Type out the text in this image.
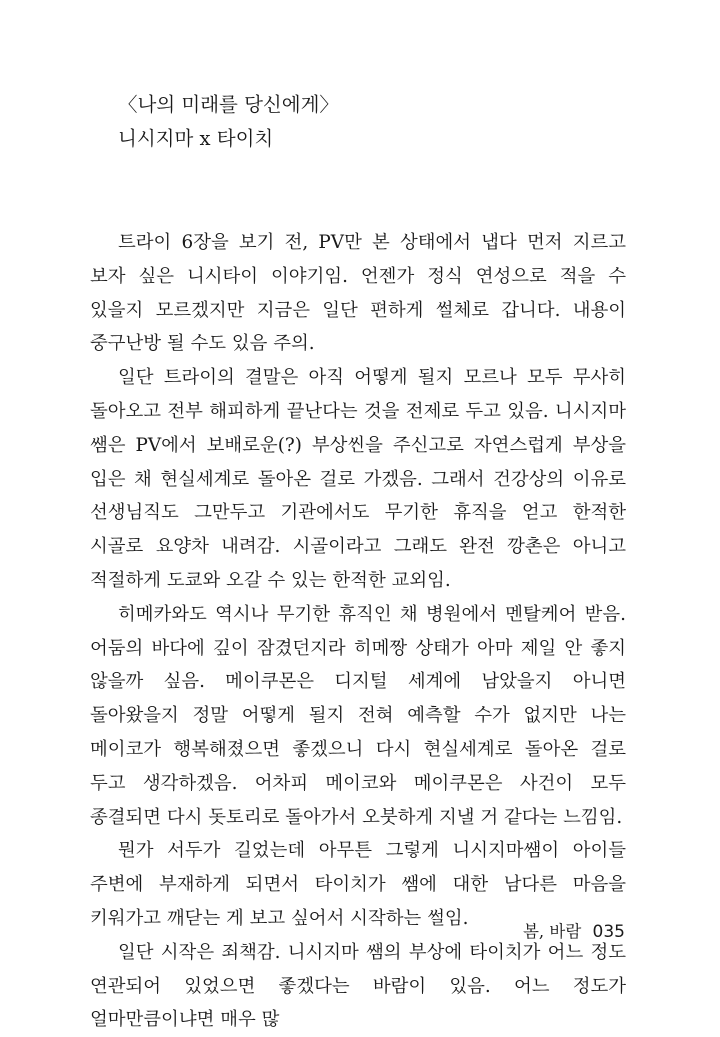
〈나의 미래를 당신에게〉
니시지마 x 타이치

트라이 6장을 보기 전, PV만 본 상태에서 냅다 먼저 지르고 보자 싶은 니시타이 이야기임. 언젠가 정식 연성으로 적을 수 있을지 모르겠지만 지금은 일단 편하게 썰체로 갑니다. 내용이 중구난방 될 수도 있음 주의.

일단 트라이의 결말은 아직 어떻게 될지 모르나 모두 무사히 돌아오고 전부 해피하게 끝난다는 것을 전제로 두고 있음. 니시지마 쌤은 PV에서 보배로운(?) 부상씬을 주신고로 자연스럽게 부상을 입은 채 현실세계로 돌아온 걸로 가겠음. 그래서 건강상의 이유로 선생님직도 그만두고 기관에서도 무기한 휴직을 얻고 한적한 시골로 요양차 내려감. 시골이라고 그래도 완전 깡촌은 아니고 적절하게 도쿄와 오갈 수 있는 한적한 교외임.

히메카와도 역시나 무기한 휴직인 채 병원에서 멘탈케어 받음. 어둠의 바다에 깊이 잠겼던지라 히메짱 상태가 아마 제일 안 좋지 않을까 싶음. 메이쿠몬은 디지털 세계에 남았을지 아니면 돌아왔을지 정말 어떻게 될지 전혀 예측할 수가 없지만 나는 메이코가 행복해졌으면 좋겠으니 다시 현실세계로 돌아온 걸로 두고 생각하겠음. 어차피 메이코와 메이쿠몬은 사건이 모두 종결되면 다시 돗토리로 돌아가서 오붓하게 지낼 거 같다는 느낌임.

뭔가 서두가 길었는데 아무튼 그렇게 니시지마쌤이 아이들 주변에 부재하게 되면서 타이치가 쌤에 대한 남다른 마음을 키워가고 깨닫는 게 보고 싶어서 시작하는 썰임.

일단 시작은 죄책감. 니시지마 쌤의 부상에 타이치가 어느 정도 연관되어 있었으면 좋겠다는 바람이 있음. 어느 정도가 얼마만큼이냐면 매우 많

봄, 바람 035
